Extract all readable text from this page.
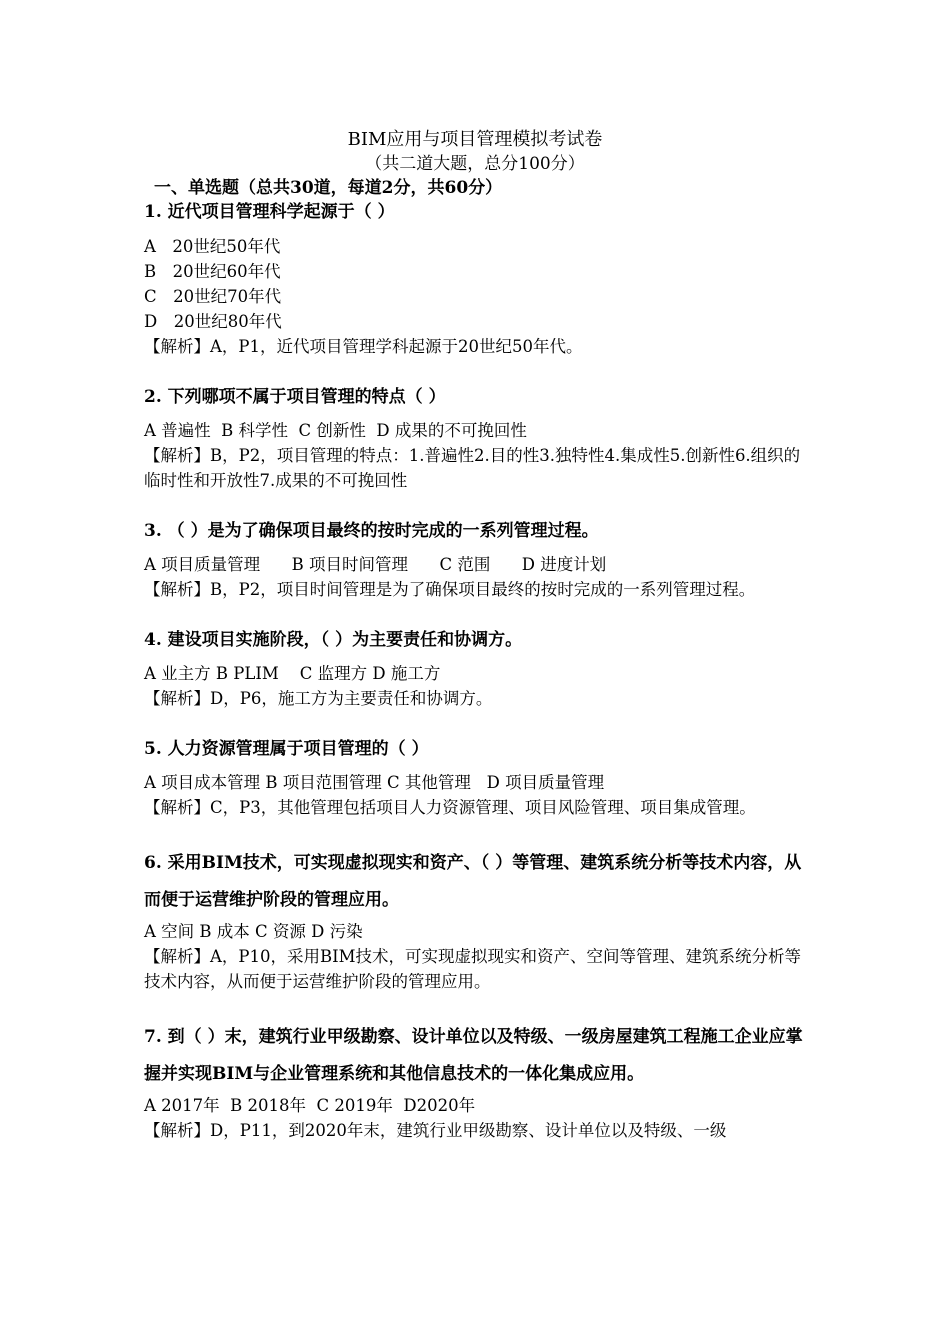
BIM应用与项目管理模拟考试卷
（共二道大题，总分100分）
一、单选题（总共30道，每道2分，共60分）

1. 近代项目管理科学起源于（ ）

A　20世纪50年代

B　20世纪60年代

C　20世纪70年代

D　20世纪80年代

【解析】A，P1，近代项目管理学科起源于20世纪50年代。

2. 下列哪项不属于项目管理的特点（ ）

A 普遍性  B 科学性  C 创新性  D 成果的不可挽回性

【解析】B，P2，项目管理的特点：1.普遍性2.目的性3.独特性4.集成性5.创新性6.组织的临时性和开放性7.成果的不可挽回性

3. （ ）是为了确保项目最终的按时完成的一系列管理过程。

A 项目质量管理      B 项目时间管理      C 范围      D 进度计划

【解析】B，P2，项目时间管理是为了确保项目最终的按时完成的一系列管理过程。

4. 建设项目实施阶段，（ ）为主要责任和协调方。

A 业主方 B PLIM    C 监理方 D 施工方

【解析】D，P6，施工方为主要责任和协调方。

5. 人力资源管理属于项目管理的（ ）

A 项目成本管理 B 项目范围管理 C 其他管理   D 项目质量管理

【解析】C，P3，其他管理包括项目人力资源管理、项目风险管理、项目集成管理。

6. 采用BIM技术，可实现虚拟现实和资产、（ ）等管理、建筑系统分析等技术内容，从而便于运营维护阶段的管理应用。

A 空间 B 成本 C 资源 D 污染

【解析】A，P10，采用BIM技术，可实现虚拟现实和资产、空间等管理、建筑系统分析等技术内容，从而便于运营维护阶段的管理应用。

7. 到（ ）末，建筑行业甲级勘察、设计单位以及特级、一级房屋建筑工程施工企业应掌握并实现BIM与企业管理系统和其他信息技术的一体化集成应用。

A 2017年  B 2018年  C 2019年  D2020年

【解析】D，P11，到2020年末，建筑行业甲级勘察、设计单位以及特级、一级
